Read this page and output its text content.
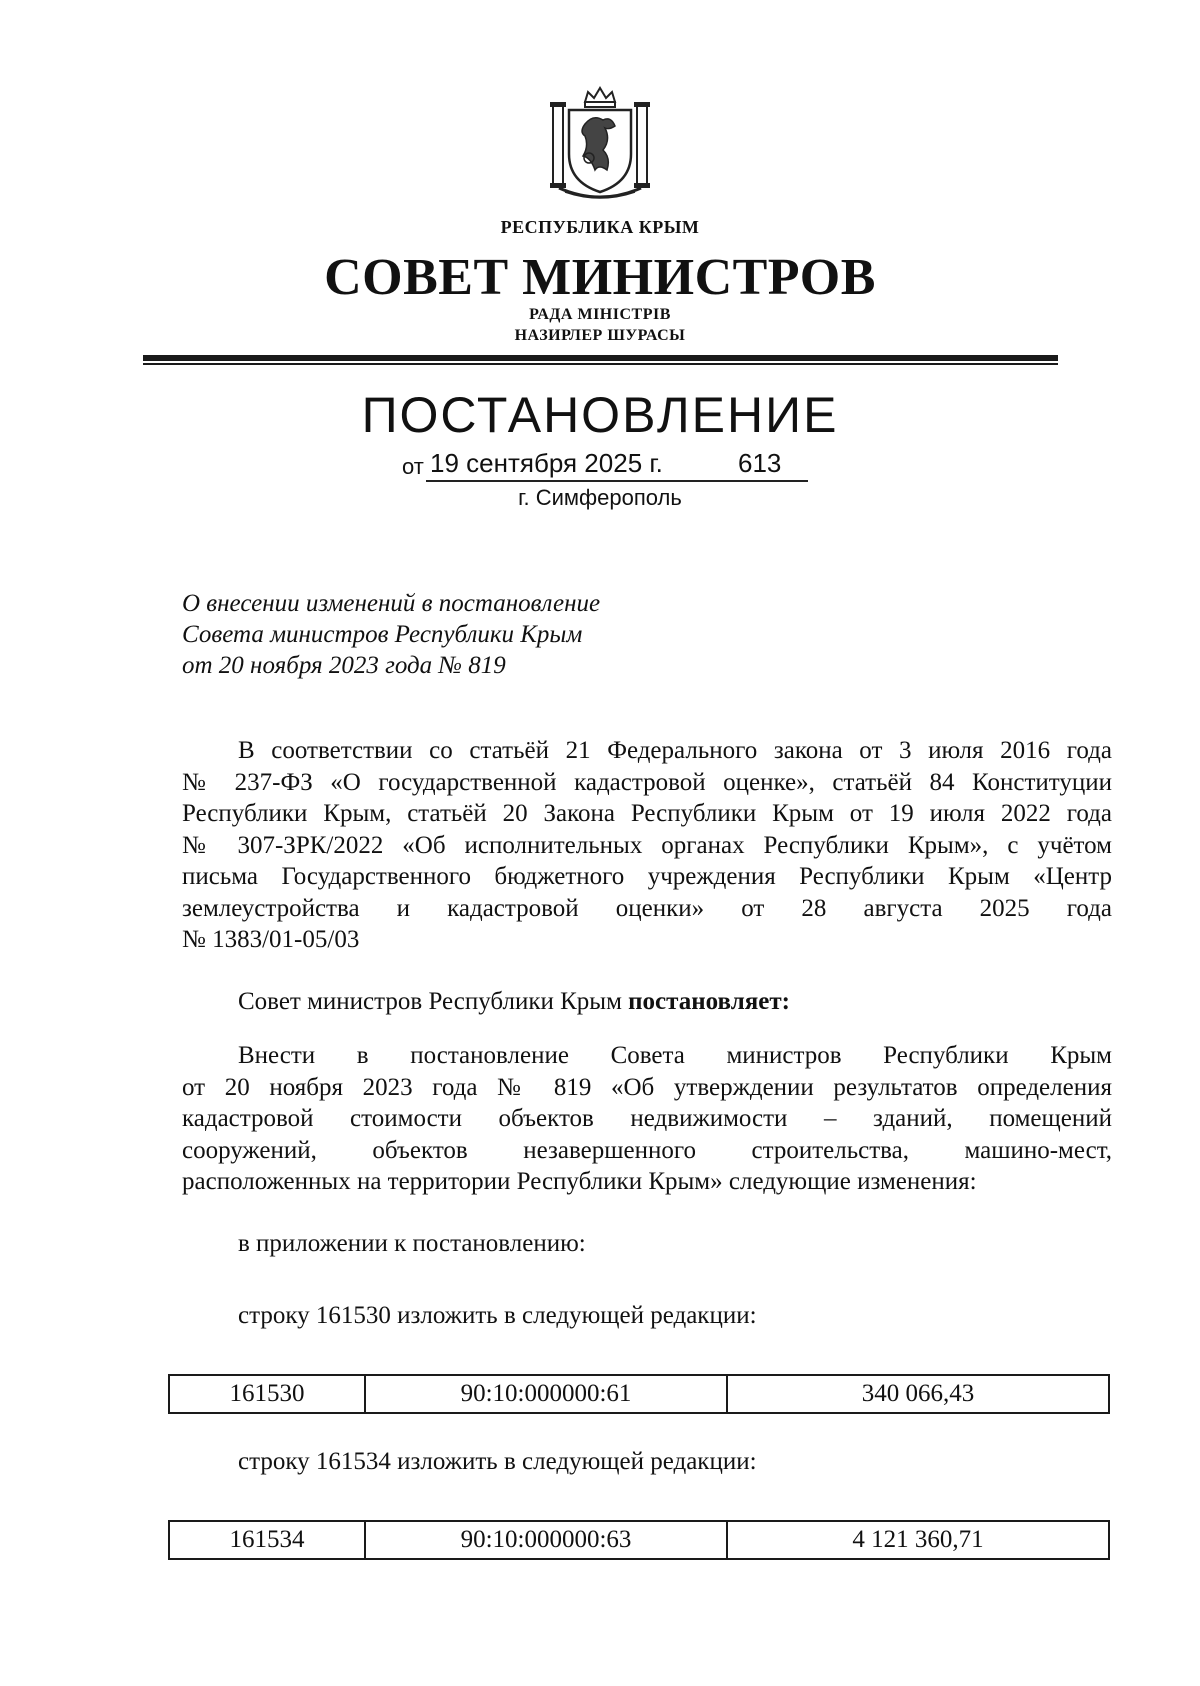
РЕСПУБЛИКА КРЫМ
СОВЕТ МИНИСТРОВ
РАДА МІНІСТРІВ
НАЗИРЛЕР ШУРАСЫ
ПОСТАНОВЛЕНИЕ
от 19 сентября 2025 г.	613
г. Симферополь
О внесении изменений в постановление
Совета министров Республики Крым
от 20 ноября 2023 года № 819
В соответствии со статьёй 21 Федерального закона от 3 июля 2016 года
№ 237-ФЗ «О государственной кадастровой оценке», статьёй 84 Конституции
Республики Крым, статьёй 20 Закона Республики Крым от 19 июля 2022 года
№ 307-ЗРК/2022 «Об исполнительных органах Республики Крым», с учётом
письма Государственного бюджетного учреждения Республики Крым «Центр
землеустройства и кадастровой оценки» от 28 августа 2025 года
№ 1383/01-05/03
Совет министров Республики Крым постановляет:
Внести в постановление Совета министров Республики Крым
от 20 ноября 2023 года № 819 «Об утверждении результатов определения
кадастровой стоимости объектов недвижимости – зданий, помещений
сооружений, объектов незавершенного строительства, машино-мест,
расположенных на территории Республики Крым» следующие изменения:
в приложении к постановлению:
строку 161530 изложить в следующей редакции:
161530	90:10:000000:61	340 066,43
строку 161534 изложить в следующей редакции:
161534	90:10:000000:63	4 121 360,71
